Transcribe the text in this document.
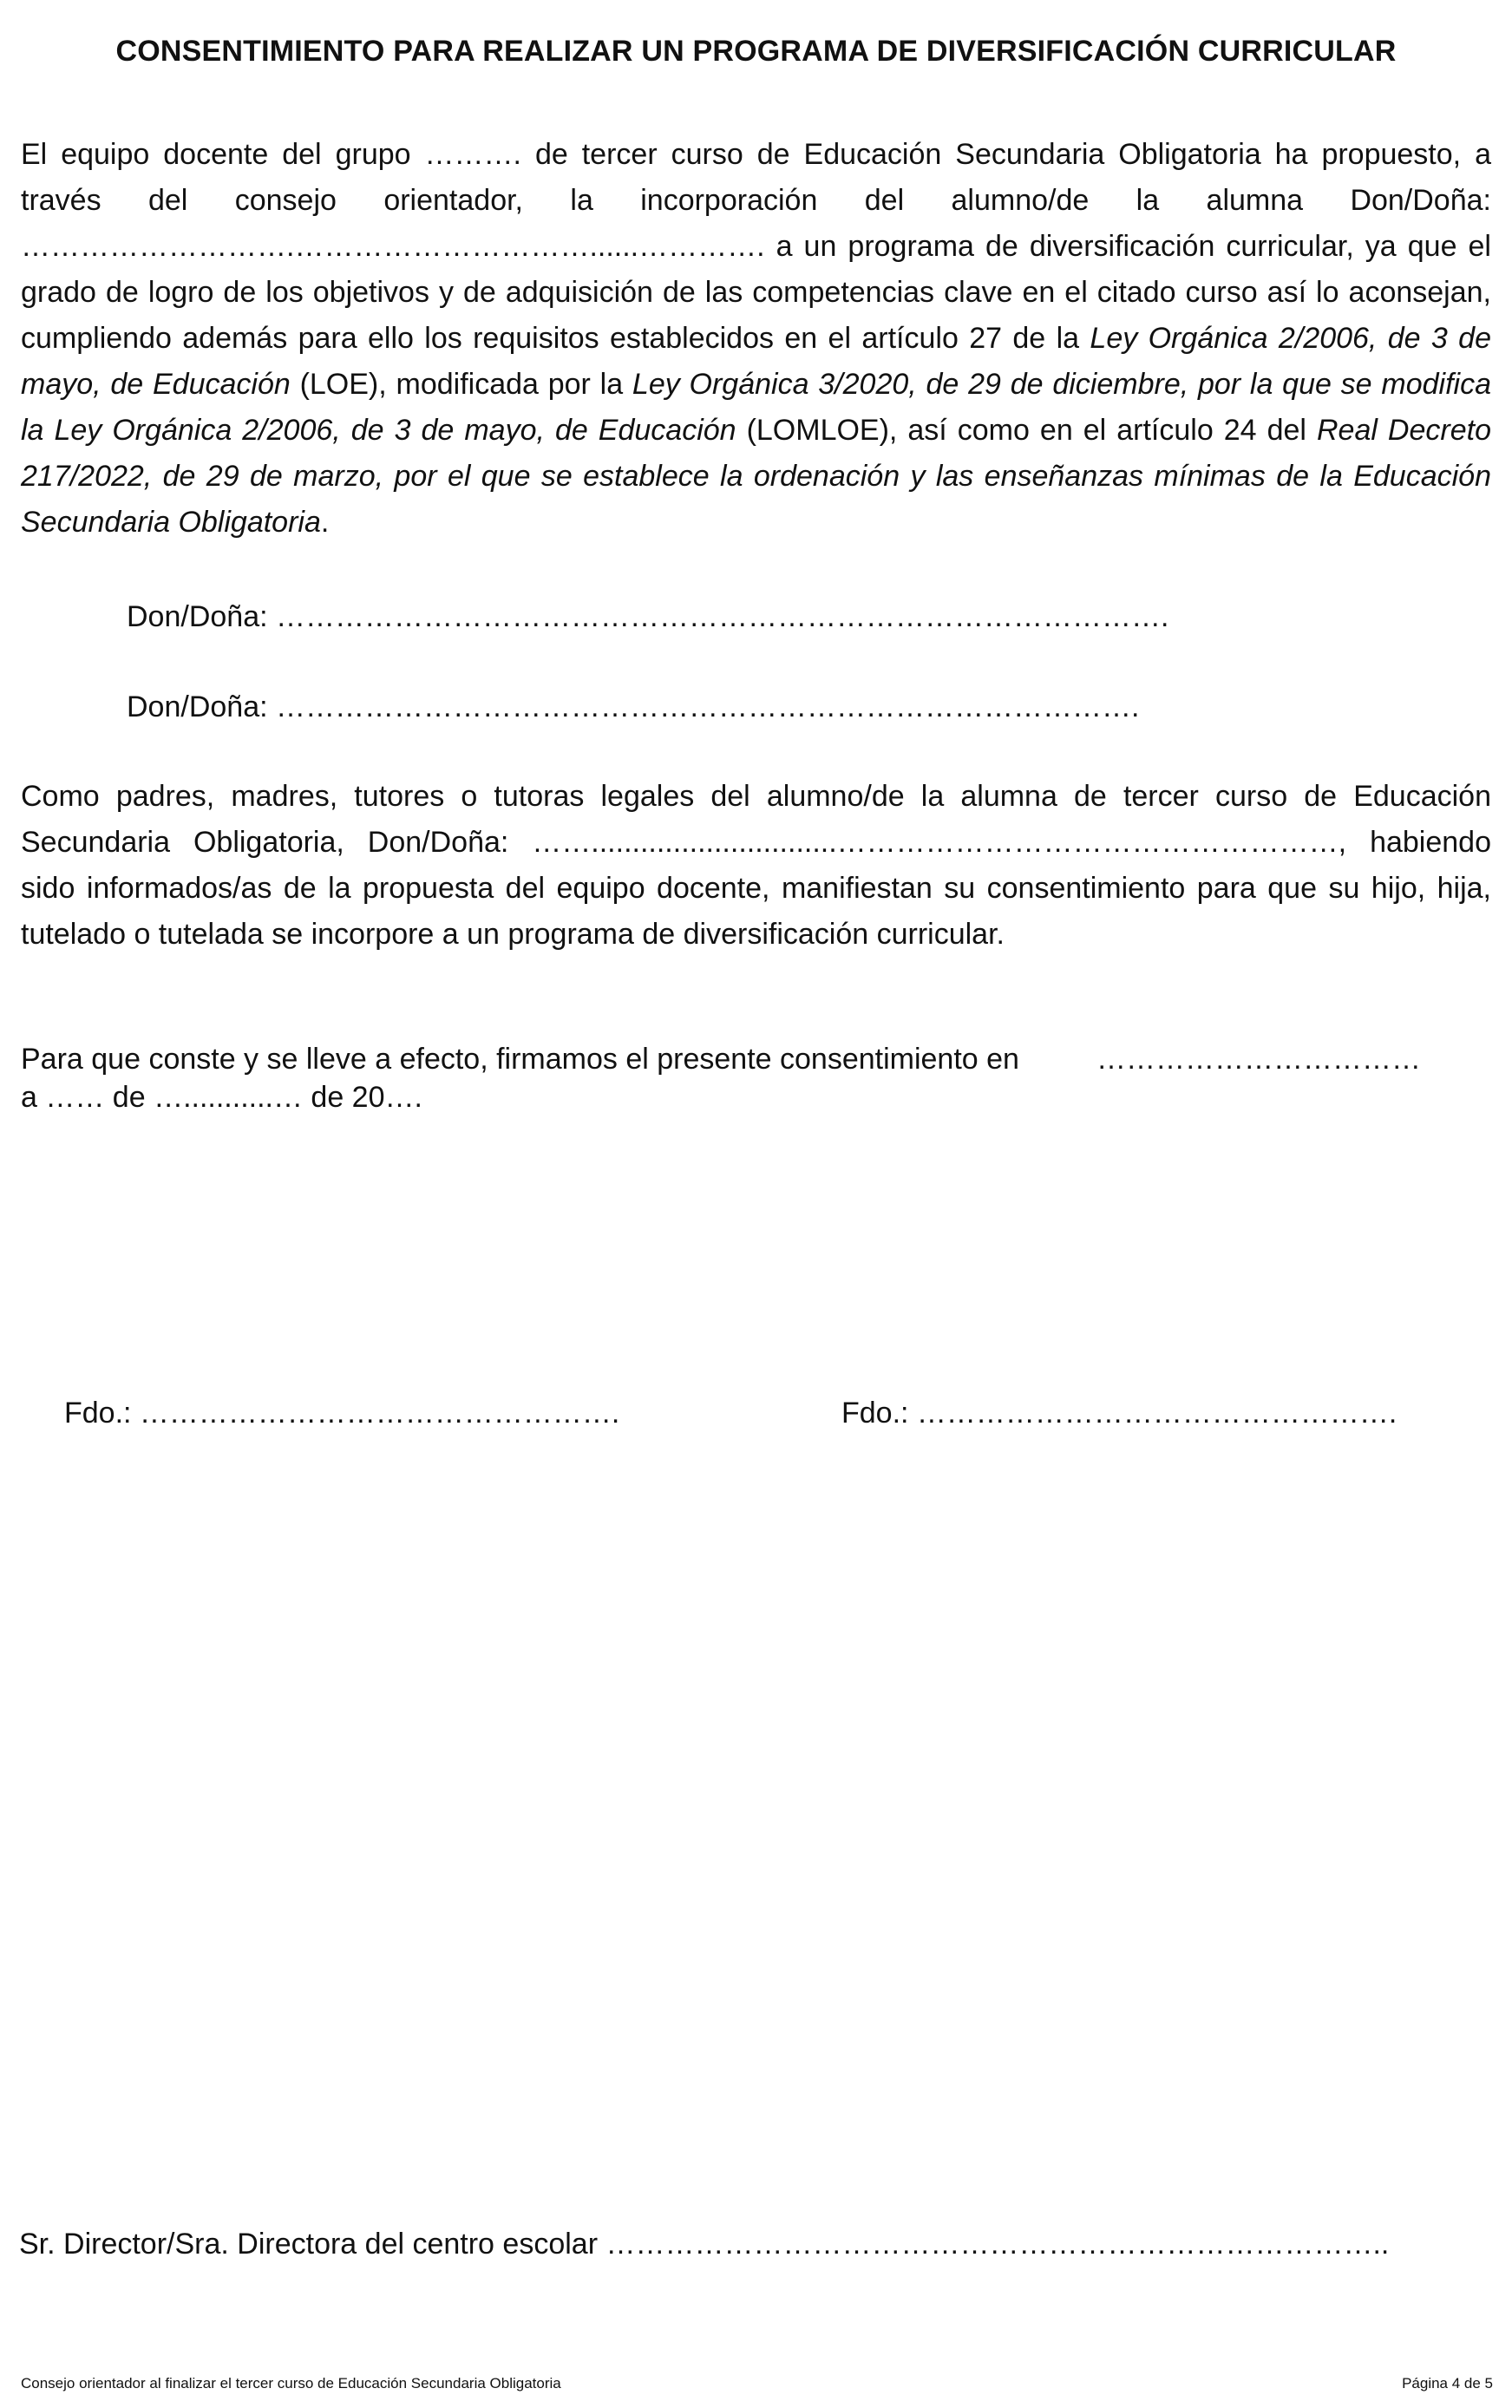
CONSENTIMIENTO PARA REALIZAR UN PROGRAMA DE DIVERSIFICACIÓN CURRICULAR
El equipo docente del grupo ………. de tercer curso de Educación Secundaria Obligatoria ha propuesto, a través del consejo orientador, la incorporación del alumno/de la alumna Don/Doña: ……………………….…………………………......…………. a un programa de diversificación curricular, ya que el grado de logro de los objetivos y de adquisición de las competencias clave en el citado curso así lo aconsejan, cumpliendo además para ello los requisitos establecidos en el artículo 27 de la Ley Orgánica 2/2006, de 3 de mayo, de Educación (LOE), modificada por la Ley Orgánica 3/2020, de 29 de diciembre, por la que se modifica la Ley Orgánica 2/2006, de 3 de mayo, de Educación (LOMLOE), así como en el artículo 24 del Real Decreto 217/2022, de 29 de marzo, por el que se establece la ordenación y las enseñanzas mínimas de la Educación Secundaria Obligatoria.
Don/Doña: ……………………………………………………………………………….
Don/Doña: …………………………………………………………………………….
Como padres, madres, tutores o tutoras legales del alumno/de la alumna de tercer curso de Educación Secundaria Obligatoria, Don/Doña: ……..............................……………………………………………, habiendo sido informados/as de la propuesta del equipo docente, manifiestan su consentimiento para que su hijo, hija, tutelado o tutelada se incorpore a un programa de diversificación curricular.
Para que conste y se lleve a efecto, firmamos el presente consentimiento en	……………………………
a …… de …...........… de 20….
Fdo.: ………………………………………….	Fdo.: ………………………………………….
Sr. Director/Sra. Directora del centro escolar ……………………………………………………………………..
Consejo orientador al finalizar el tercer curso de Educación Secundaria Obligatoria	Página 4 de 5
